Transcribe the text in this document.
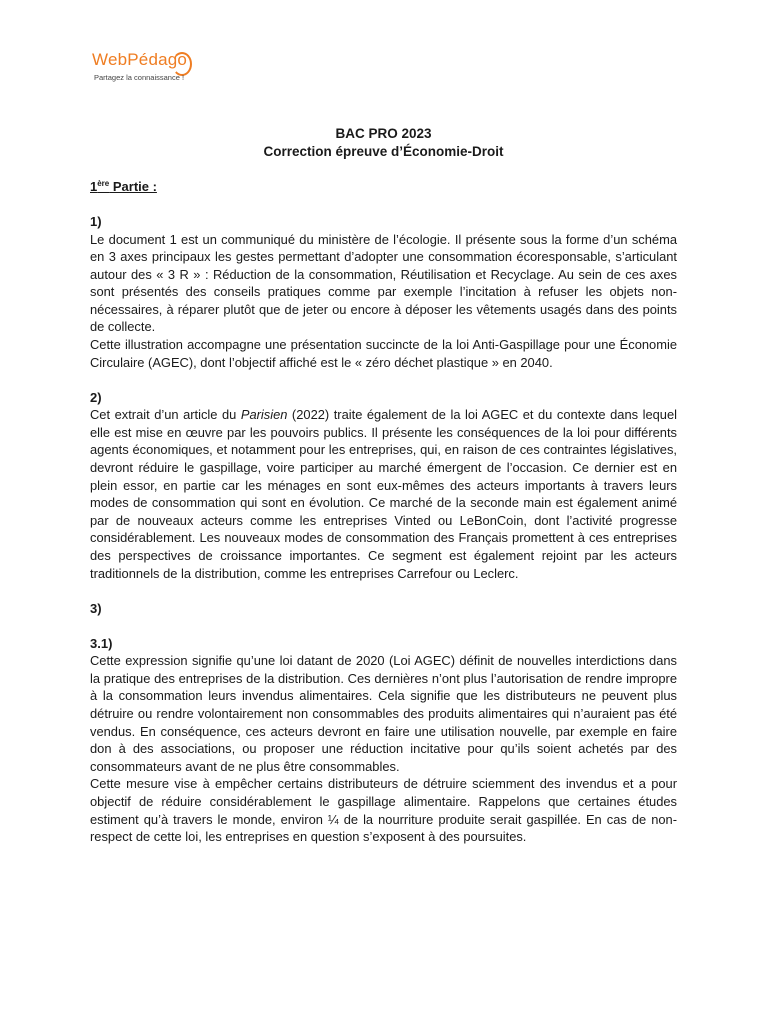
WebPédago
Partagez la connaissance !

BAC PRO 2023

Correction épreuve d’Économie-Droit

1ère Partie :

1)

Le document 1 est un communiqué du ministère de l’écologie. Il présente sous la forme d’un schéma en 3 axes principaux les gestes permettant d’adopter une consommation écoresponsable, s’articulant autour des « 3 R » : Réduction de la consommation, Réutilisation et Recyclage. Au sein de ces axes sont présentés des conseils pratiques comme par exemple l’incitation à refuser les objets non-nécessaires, à réparer plutôt que de jeter ou encore à déposer les vêtements usagés dans des points de collecte.

Cette illustration accompagne une présentation succincte de la loi Anti-Gaspillage pour une Économie Circulaire (AGEC), dont l’objectif affiché est le « zéro déchet plastique » en 2040.

2)

Cet extrait d’un article du Parisien (2022) traite également de la loi AGEC et du contexte dans lequel elle est mise en œuvre par les pouvoirs publics. Il présente les conséquences de la loi pour différents agents économiques, et notamment pour les entreprises, qui, en raison de ces contraintes législatives, devront réduire le gaspillage, voire participer au marché émergent de l’occasion. Ce dernier est en plein essor, en partie car les ménages en sont eux-mêmes des acteurs importants à travers leurs modes de consommation qui sont en évolution. Ce marché de la seconde main est également animé par de nouveaux acteurs comme les entreprises Vinted ou LeBonCoin, dont l’activité progresse considérablement. Les nouveaux modes de consommation des Français promettent à ces entreprises des perspectives de croissance importantes. Ce segment est également rejoint par les acteurs traditionnels de la distribution, comme les entreprises Carrefour ou Leclerc.

3)

3.1)

Cette expression signifie qu’une loi datant de 2020 (Loi AGEC) définit de nouvelles interdictions dans la pratique des entreprises de la distribution. Ces dernières n’ont plus l’autorisation de rendre impropre à la consommation leurs invendus alimentaires. Cela signifie que les distributeurs ne peuvent plus détruire ou rendre volontairement non consommables des produits alimentaires qui n’auraient pas été vendus. En conséquence, ces acteurs devront en faire une utilisation nouvelle, par exemple en faire don à des associations, ou proposer une réduction incitative pour qu’ils soient achetés par des consommateurs avant de ne plus être consommables.

Cette mesure vise à empêcher certains distributeurs de détruire sciemment des invendus et a pour objectif de réduire considérablement le gaspillage alimentaire. Rappelons que certaines études estiment qu’à travers le monde, environ ¼ de la nourriture produite serait gaspillée. En cas de non-respect de cette loi, les entreprises en question s’exposent à des poursuites.
